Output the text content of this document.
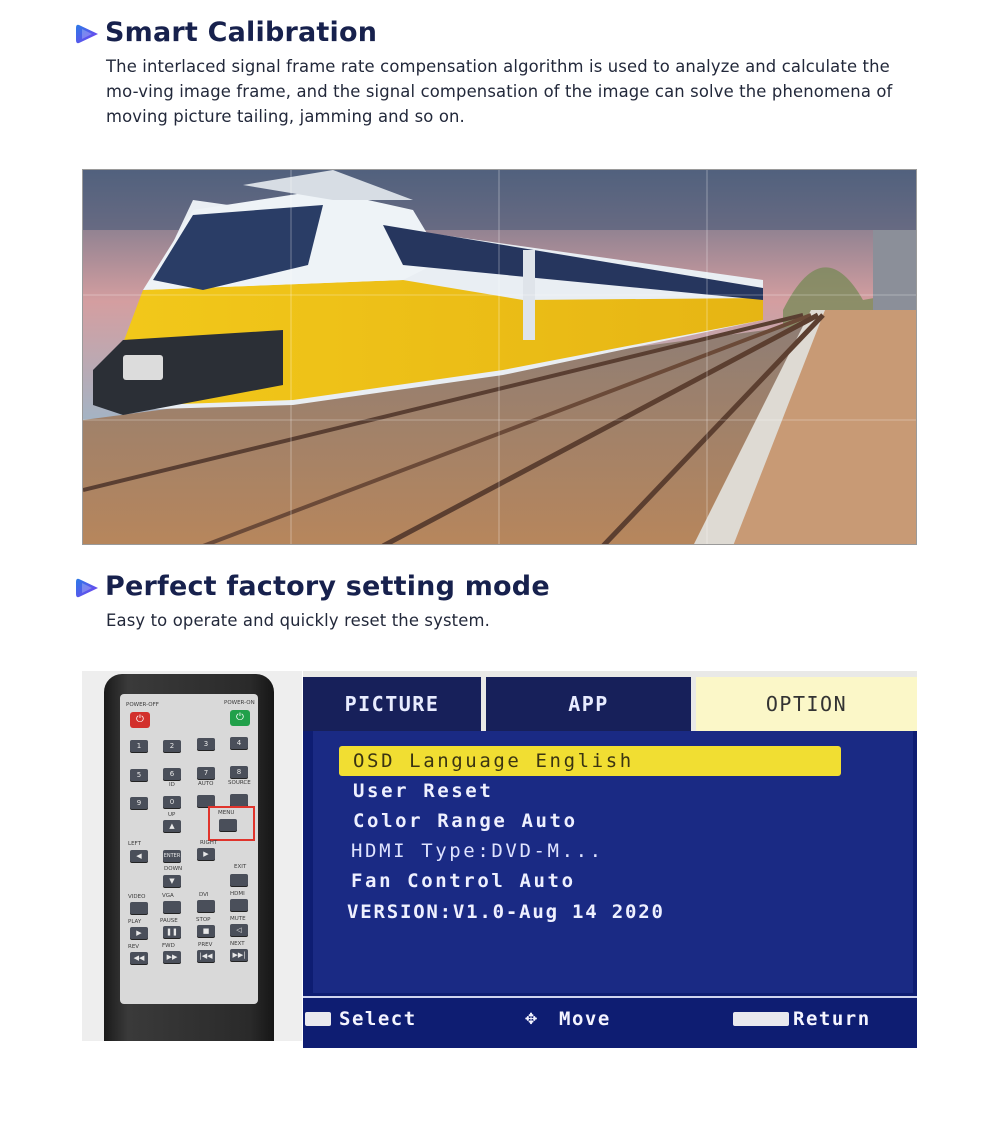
Smart Calibration
The interlaced signal frame rate compensation algorithm is used to analyze and calculate the mo-ving image frame, and the signal compensation of the image can solve the phenomena of moving picture tailing, jamming and so on.
Perfect factory setting mode
Easy to operate and quickly reset the system.
POWER-OFF	POWER-ON
⏻	⏻
1	2	3	4
5	6	7	8
ID	AUTO	SOURCE
9	0
UP
▲
MENU
LEFT	RIGHT
◀	ENTER	▶
DOWN	EXIT
▼
VIDEO	VGA	DVI	HDMI
PLAY	PAUSE	STOP	MUTE
▶	❚❚	■	◁
REV	FWD	PREV	NEXT
◀◀	▶▶	|◀◀	▶▶|
PICTURE	APP	OPTION
OSD Language English
User Reset
Color Range Auto
HDMI Type:DVD-M...
Fan Control Auto
VERSION:V1.0-Aug 14 2020
Select	✥ Move	Return
